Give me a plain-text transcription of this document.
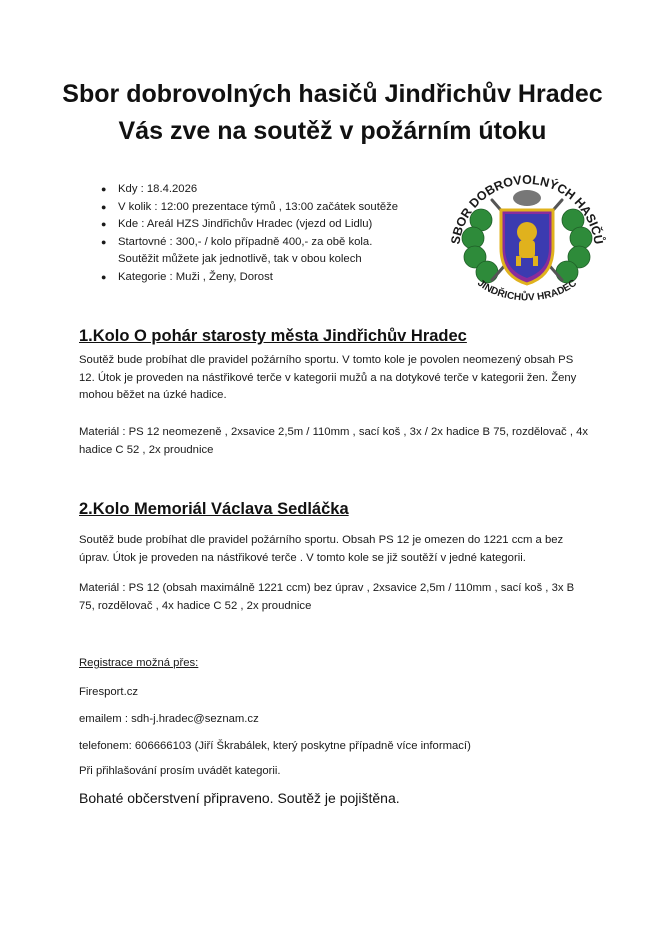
Sbor dobrovolných hasičů Jindřichův Hradec
Vás zve na soutěž v požárním útoku
● Kdy : 18.4.2026
● V kolik : 12:00 prezentace týmů , 13:00 začátek soutěže
● Kde : Areál HZS Jindřichův Hradec (vjezd od Lidlu)
● Startovné : 300,- / kolo případně 400,- za obě kola.
Soutěžit můžete jak jednotlivě, tak v obou kolech
● Kategorie : Muži , Ženy, Dorost
SBOR DOBROVOLNÝCH HASIČŮ
JINDŘICHŮV HRADEC
1.Kolo O pohár starosty města Jindřichův Hradec

Soutěž bude probíhat dle pravidel požárního sportu. V tomto kole je povolen neomezený obsah PS 12. Útok je proveden na nástřikové terče v kategorii mužů a na dotykové terče v kategorii žen. Ženy mohou běžet na úzké hadice.

Materiál : PS 12 neomezeně , 2xsavice 2,5m / 110mm , sací koš , 3x / 2x hadice B 75, rozdělovač , 4x hadice C 52 , 2x proudnice

2.Kolo Memoriál Václava Sedláčka

Soutěž bude probíhat dle pravidel požárního sportu. Obsah PS 12 je omezen do 1221 ccm a bez úprav. Útok je proveden na nástřikové terče . V tomto kole se již soutěží v jedné kategorii.

Materiál : PS 12 (obsah maximálně 1221 ccm) bez úprav , 2xsavice 2,5m / 110mm , sací koš , 3x B 75, rozdělovač , 4x hadice C 52 , 2x proudnice

Registrace možná přes:

Firesport.cz

emailem : sdh-j.hradec@seznam.cz

telefonem: 606666103 (Jiří Škrabálek, který poskytne případně více informací)

Při přihlašování prosím uvádět kategorii.

Bohaté občerstvení připraveno. Soutěž je pojištěna.
